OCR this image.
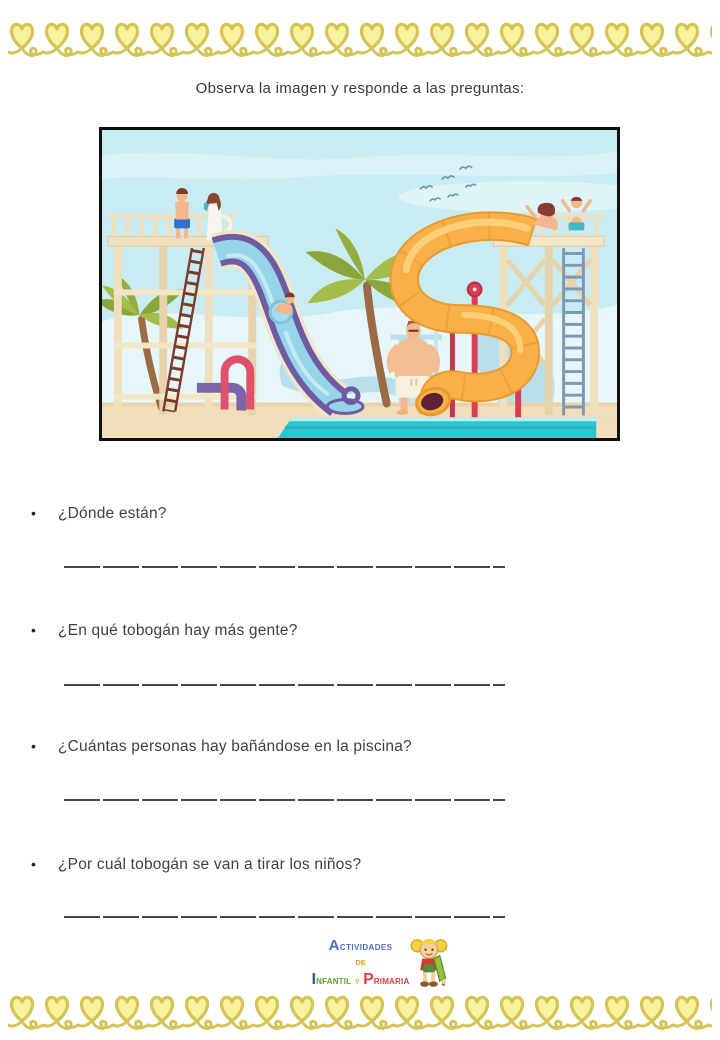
Observa la imagen y responde a las preguntas:
• ¿Dónde están?
• ¿En qué tobogán hay más gente?
• ¿Cuántas personas hay bañándose en la piscina?
• ¿Por cuál tobogán se van a tirar los niños?
Actividades
de
Infantil y Primaria
